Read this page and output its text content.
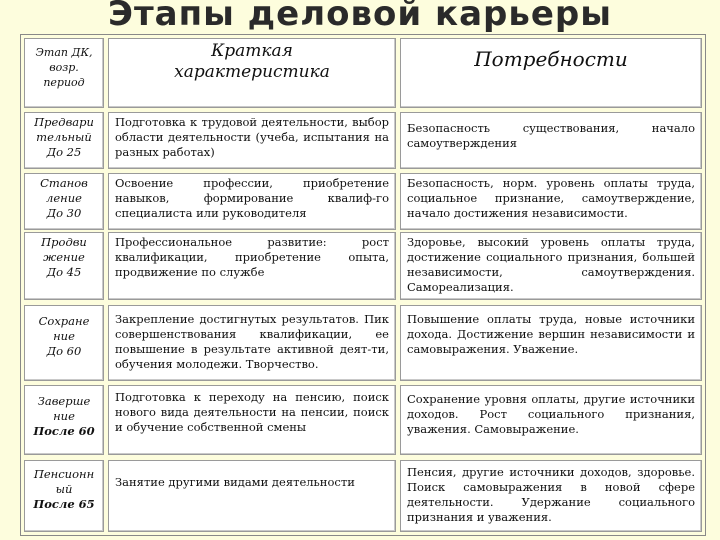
Этапы деловой карьеры
Этап ДК,
возр.
период
Краткая
характеристика
Потребности
Предвари
тельный
До 25
Подготовка к трудовой деятельности, выбор области деятельности (учеба, испытания на разных работах)
Безопасность существования, начало самоутверждения
Станов
ление
До 30
Освоение профессии, приобретение навыков, формирование квалиф-го специалиста или руководителя
Безопасность, норм. уровень оплаты труда, социальное признание, самоутверждение, начало достижения независимости.
Продви
жение
До 45
Профессиональное развитие: рост квалификации, приобретение опыта, продвижение по службе
Здоровье, высокий уровень оплаты труда, достижение социального признания, большей независимости, самоутверждения. Самореализация.
Сохране
ние
До 60
Закрепление достигнутых результатов. Пик совершенствования квалификации, ее повышение в результате активной деят-ти, обучения молодежи. Творчество.
Повышение оплаты труда, новые источники дохода. Достижение вершин независимости и самовыражения. Уважение.
Заверше
ние
После 60
Подготовка к переходу на пенсию, поиск нового вида деятельности на пенсии, поиск и обучение собственной смены
Сохранение уровня оплаты, другие источники доходов. Рост социального признания, уважения. Самовыражение.
Пенсионн
ый
После 65
Занятие другими видами деятельности
Пенсия, другие источники доходов, здоровье. Поиск самовыражения в новой сфере деятельности. Удержание социального признания и уважения.
